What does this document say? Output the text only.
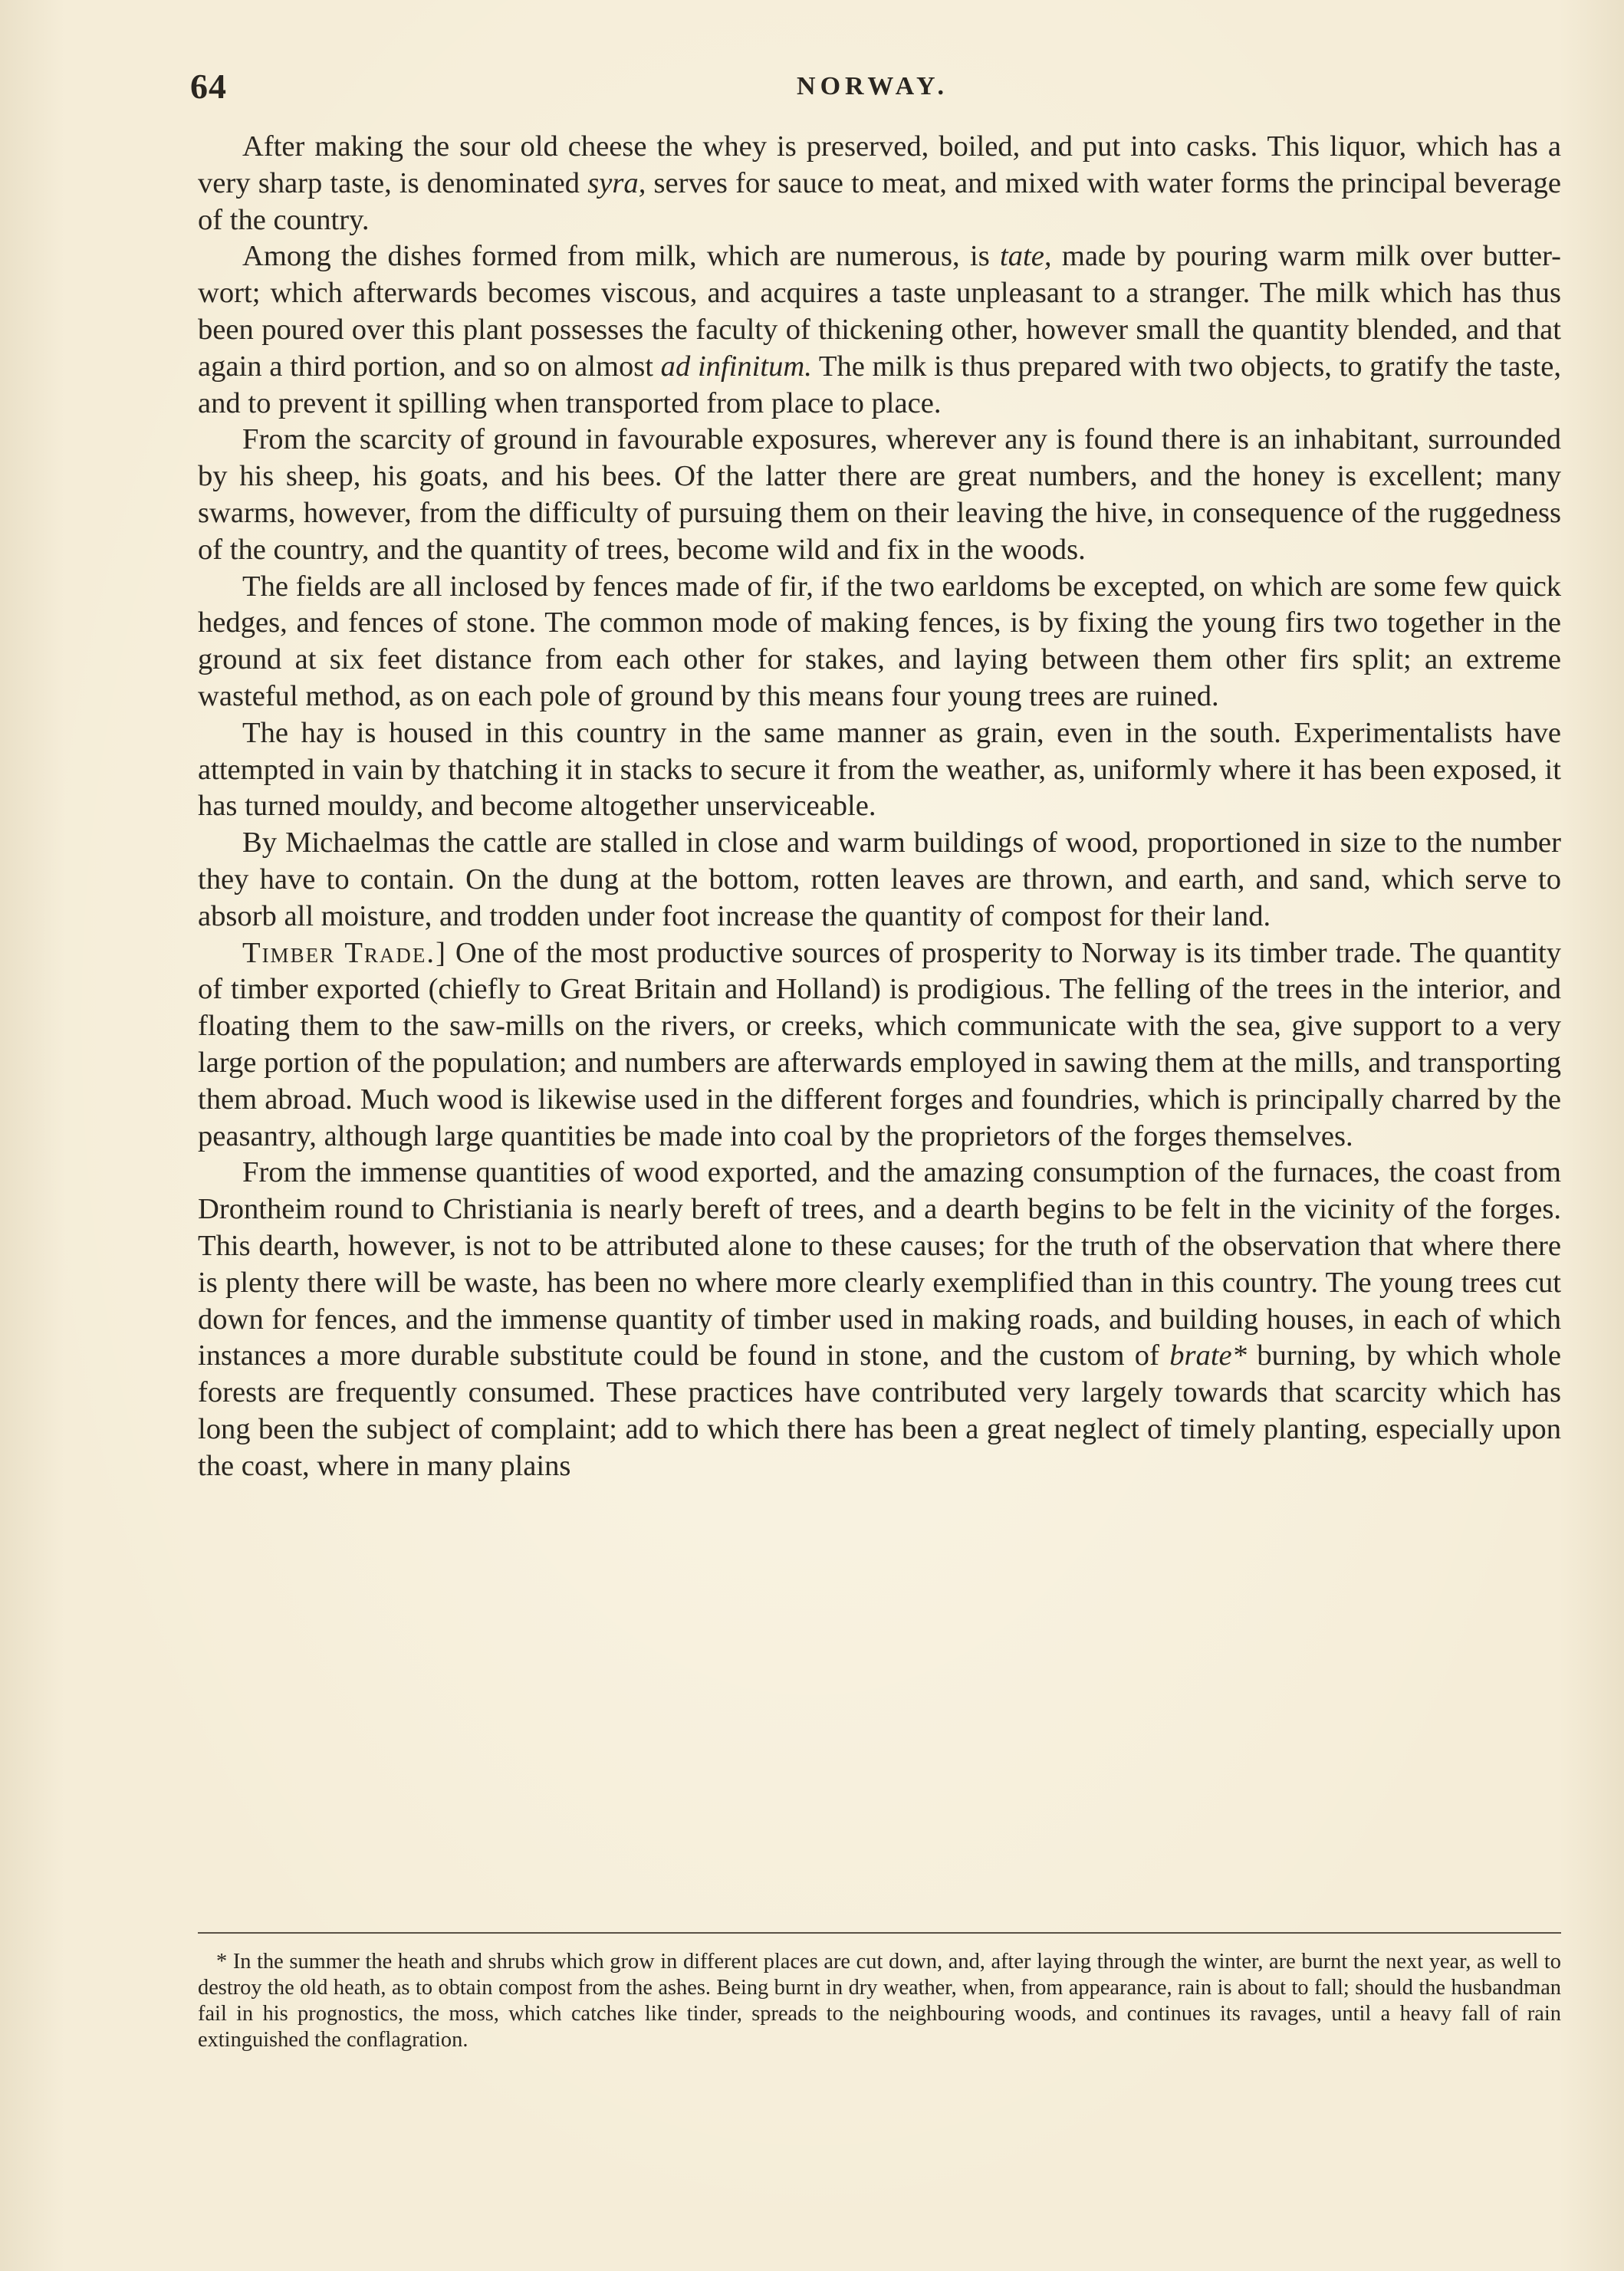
64	NORWAY.

After making the sour old cheese the whey is preserved, boiled, and put into casks. This liquor, which has a very sharp taste, is denominated syra, serves for sauce to meat, and mixed with water forms the principal beverage of the country.

Among the dishes formed from milk, which are numerous, is tate, made by pouring warm milk over butter-wort; which afterwards becomes viscous, and acquires a taste unpleasant to a stranger. The milk which has thus been poured over this plant possesses the faculty of thickening other, however small the quantity blended, and that again a third portion, and so on almost ad infinitum. The milk is thus prepared with two objects, to gratify the taste, and to prevent it spilling when transported from place to place.

From the scarcity of ground in favourable exposures, wherever any is found there is an inhabitant, surrounded by his sheep, his goats, and his bees. Of the latter there are great numbers, and the honey is excellent; many swarms, however, from the difficulty of pursuing them on their leaving the hive, in consequence of the ruggedness of the country, and the quantity of trees, become wild and fix in the woods.

The fields are all inclosed by fences made of fir, if the two earldoms be excepted, on which are some few quick hedges, and fences of stone. The common mode of making fences, is by fixing the young firs two together in the ground at six feet distance from each other for stakes, and laying between them other firs split; an extreme wasteful method, as on each pole of ground by this means four young trees are ruined.

The hay is housed in this country in the same manner as grain, even in the south. Experimentalists have attempted in vain by thatching it in stacks to secure it from the weather, as, uniformly where it has been exposed, it has turned mouldy, and become altogether unserviceable.

By Michaelmas the cattle are stalled in close and warm buildings of wood, proportioned in size to the number they have to contain. On the dung at the bottom, rotten leaves are thrown, and earth, and sand, which serve to absorb all moisture, and trodden under foot increase the quantity of compost for their land.

Timber Trade.] One of the most productive sources of prosperity to Norway is its timber trade. The quantity of timber exported (chiefly to Great Britain and Holland) is prodigious. The felling of the trees in the interior, and floating them to the saw-mills on the rivers, or creeks, which communicate with the sea, give support to a very large portion of the population; and numbers are afterwards employed in sawing them at the mills, and transporting them abroad. Much wood is likewise used in the different forges and foundries, which is principally charred by the peasantry, although large quantities be made into coal by the proprietors of the forges themselves.

From the immense quantities of wood exported, and the amazing consumption of the furnaces, the coast from Drontheim round to Christiania is nearly bereft of trees, and a dearth begins to be felt in the vicinity of the forges. This dearth, however, is not to be attributed alone to these causes; for the truth of the observation that where there is plenty there will be waste, has been no where more clearly exemplified than in this country. The young trees cut down for fences, and the immense quantity of timber used in making roads, and building houses, in each of which instances a more durable substitute could be found in stone, and the custom of brate* burning, by which whole forests are frequently consumed. These practices have contributed very largely towards that scarcity which has long been the subject of complaint; add to which there has been a great neglect of timely planting, especially upon the coast, where in many plains

* In the summer the heath and shrubs which grow in different places are cut down, and, after laying through the winter, are burnt the next year, as well to destroy the old heath, as to obtain compost from the ashes. Being burnt in dry weather, when, from appearance, rain is about to fall; should the husbandman fail in his prognostics, the moss, which catches like tinder, spreads to the neighbouring woods, and continues its ravages, until a heavy fall of rain extinguished the conflagration.
